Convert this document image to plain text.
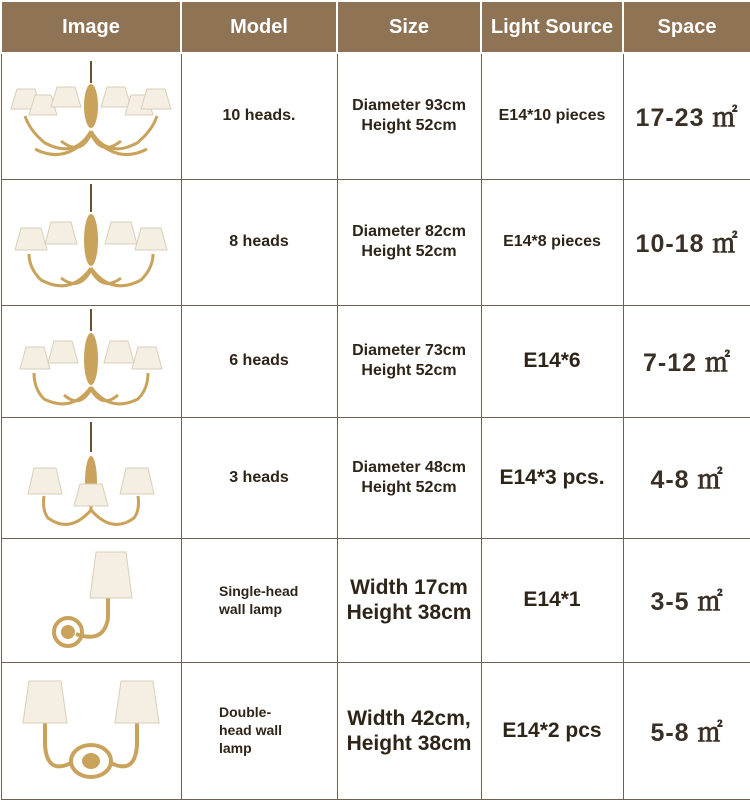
Image	Model	Size	Light Source	Space

	10 heads.	Diameter 93cm
Height 52cm	E14*10 pieces	17-23 ㎡

	8 heads	Diameter 82cm
Height 52cm	E14*8 pieces	10-18 ㎡

	6 heads	Diameter 73cm
Height 52cm	E14*6	7-12 ㎡

	3 heads	Diameter 48cm
Height 52cm	E14*3 pcs.	4-8 ㎡

	Single-head wall lamp	Width 17cm
Height 38cm	E14*1	3-5 ㎡

	Double-head wall lamp	Width 42cm,
Height 38cm	E14*2 pcs	5-8 ㎡
